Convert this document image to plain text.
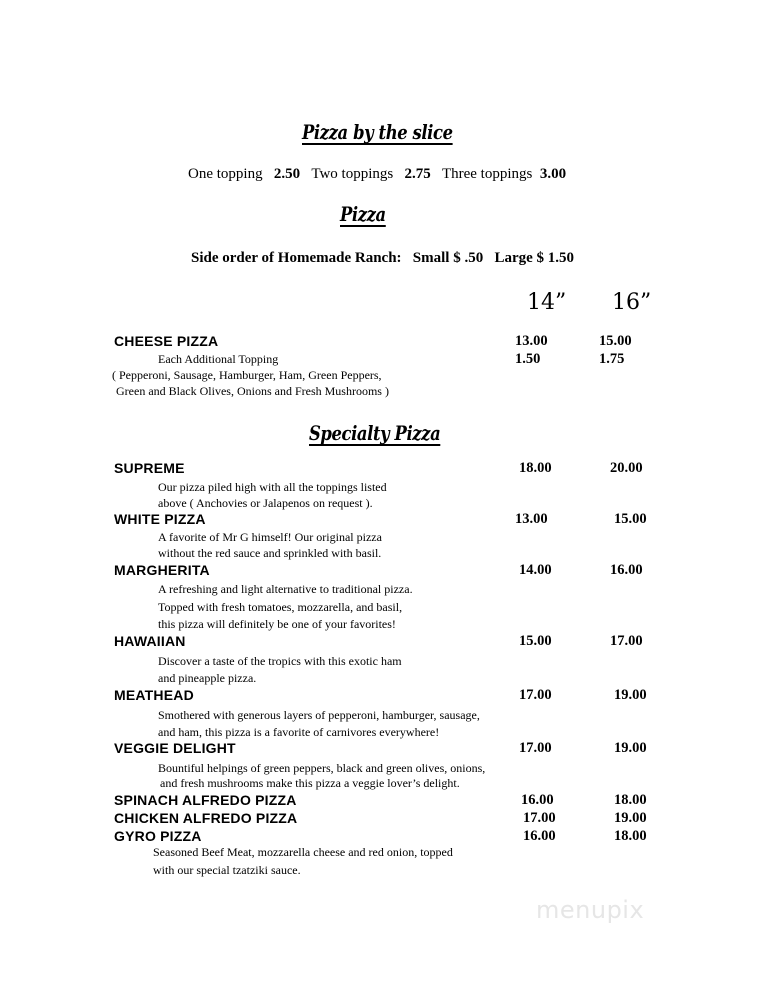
Pizza by the slice
One topping 2.50 Two toppings 2.75 Three toppings 3.00
Pizza
Side order of Homemade Ranch:   Small $ .50   Large $ 1.50
14” 16”
CHEESE PIZZA	13.00	15.00
Each Additional Topping	1.50	1.75
( Pepperoni, Sausage, Hamburger, Ham, Green Peppers,
Green and Black Olives, Onions and Fresh Mushrooms )
Specialty Pizza
SUPREME	18.00	20.00
Our pizza piled high with all the toppings listed
above ( Anchovies or Jalapenos on request ).
WHITE PIZZA	13.00	15.00
A favorite of Mr G himself! Our original pizza
without the red sauce and sprinkled with basil.
MARGHERITA	14.00	16.00
A refreshing and light alternative to traditional pizza.
Topped with fresh tomatoes, mozzarella, and basil,
this pizza will definitely be one of your favorites!
HAWAIIAN	15.00	17.00
Discover a taste of the tropics with this exotic ham
and pineapple pizza.
MEATHEAD	17.00	19.00
Smothered with generous layers of pepperoni, hamburger, sausage,
and ham, this pizza is a favorite of carnivores everywhere!
VEGGIE DELIGHT	17.00	19.00
Bountiful helpings of green peppers, black and green olives, onions,
and fresh mushrooms make this pizza a veggie lover’s delight.
SPINACH ALFREDO PIZZA	16.00	18.00
CHICKEN ALFREDO PIZZA	17.00	19.00
GYRO PIZZA	16.00	18.00
Seasoned Beef Meat, mozzarella cheese and red onion, topped
with our special tzatziki sauce.
menupix
